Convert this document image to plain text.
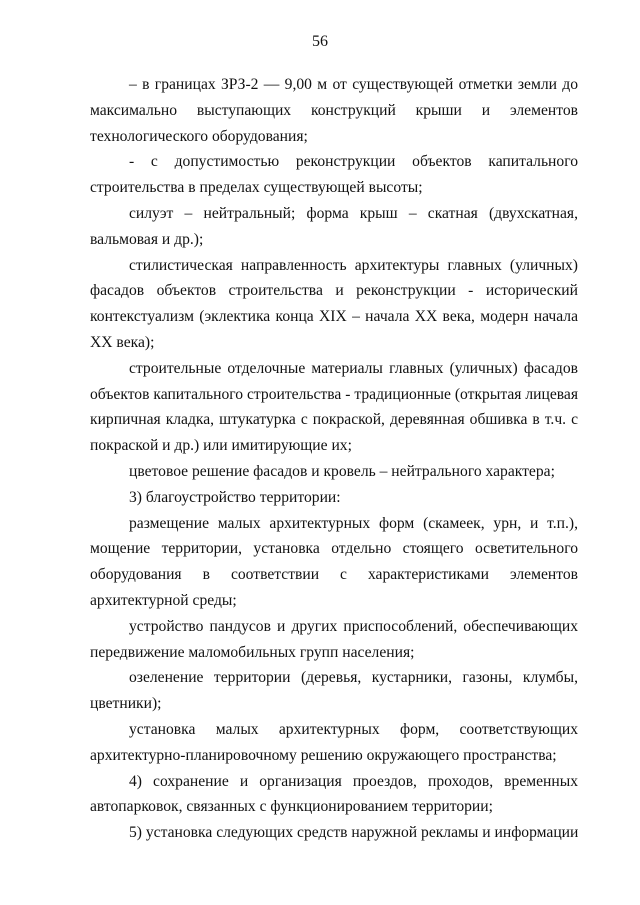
56
– в границах ЗРЗ-2 — 9,00 м от существующей отметки земли до
максимально выступающих конструкций крыши и элементов
технологического оборудования;
- с допустимостью реконструкции объектов капитального
строительства в пределах существующей высоты;
силуэт – нейтральный; форма крыш – скатная (двухскатная,
вальмовая и др.);
стилистическая направленность архитектуры главных (уличных)
фасадов объектов строительства и реконструкции - исторический
контекстуализм (эклектика конца XIX – начала XX века, модерн начала
XX века);
строительные отделочные материалы главных (уличных) фасадов
объектов капитального строительства - традиционные (открытая лицевая
кирпичная кладка, штукатурка с покраской, деревянная обшивка в т.ч. с
покраской и др.) или имитирующие их;
цветовое решение фасадов и кровель – нейтрального характера;
3) благоустройство территории:
размещение малых архитектурных форм (скамеек, урн, и т.п.),
мощение территории, установка отдельно стоящего осветительного
оборудования в соответствии с характеристиками элементов
архитектурной среды;
устройство пандусов и других приспособлений, обеспечивающих
передвижение маломобильных групп населения;
озеленение территории (деревья, кустарники, газоны, клумбы,
цветники);
установка малых архитектурных форм, соответствующих
архитектурно-планировочному решению окружающего пространства;
4) сохранение и организация проездов, проходов, временных
автопарковок, связанных с функционированием территории;
5) установка следующих средств наружной рекламы и информации
